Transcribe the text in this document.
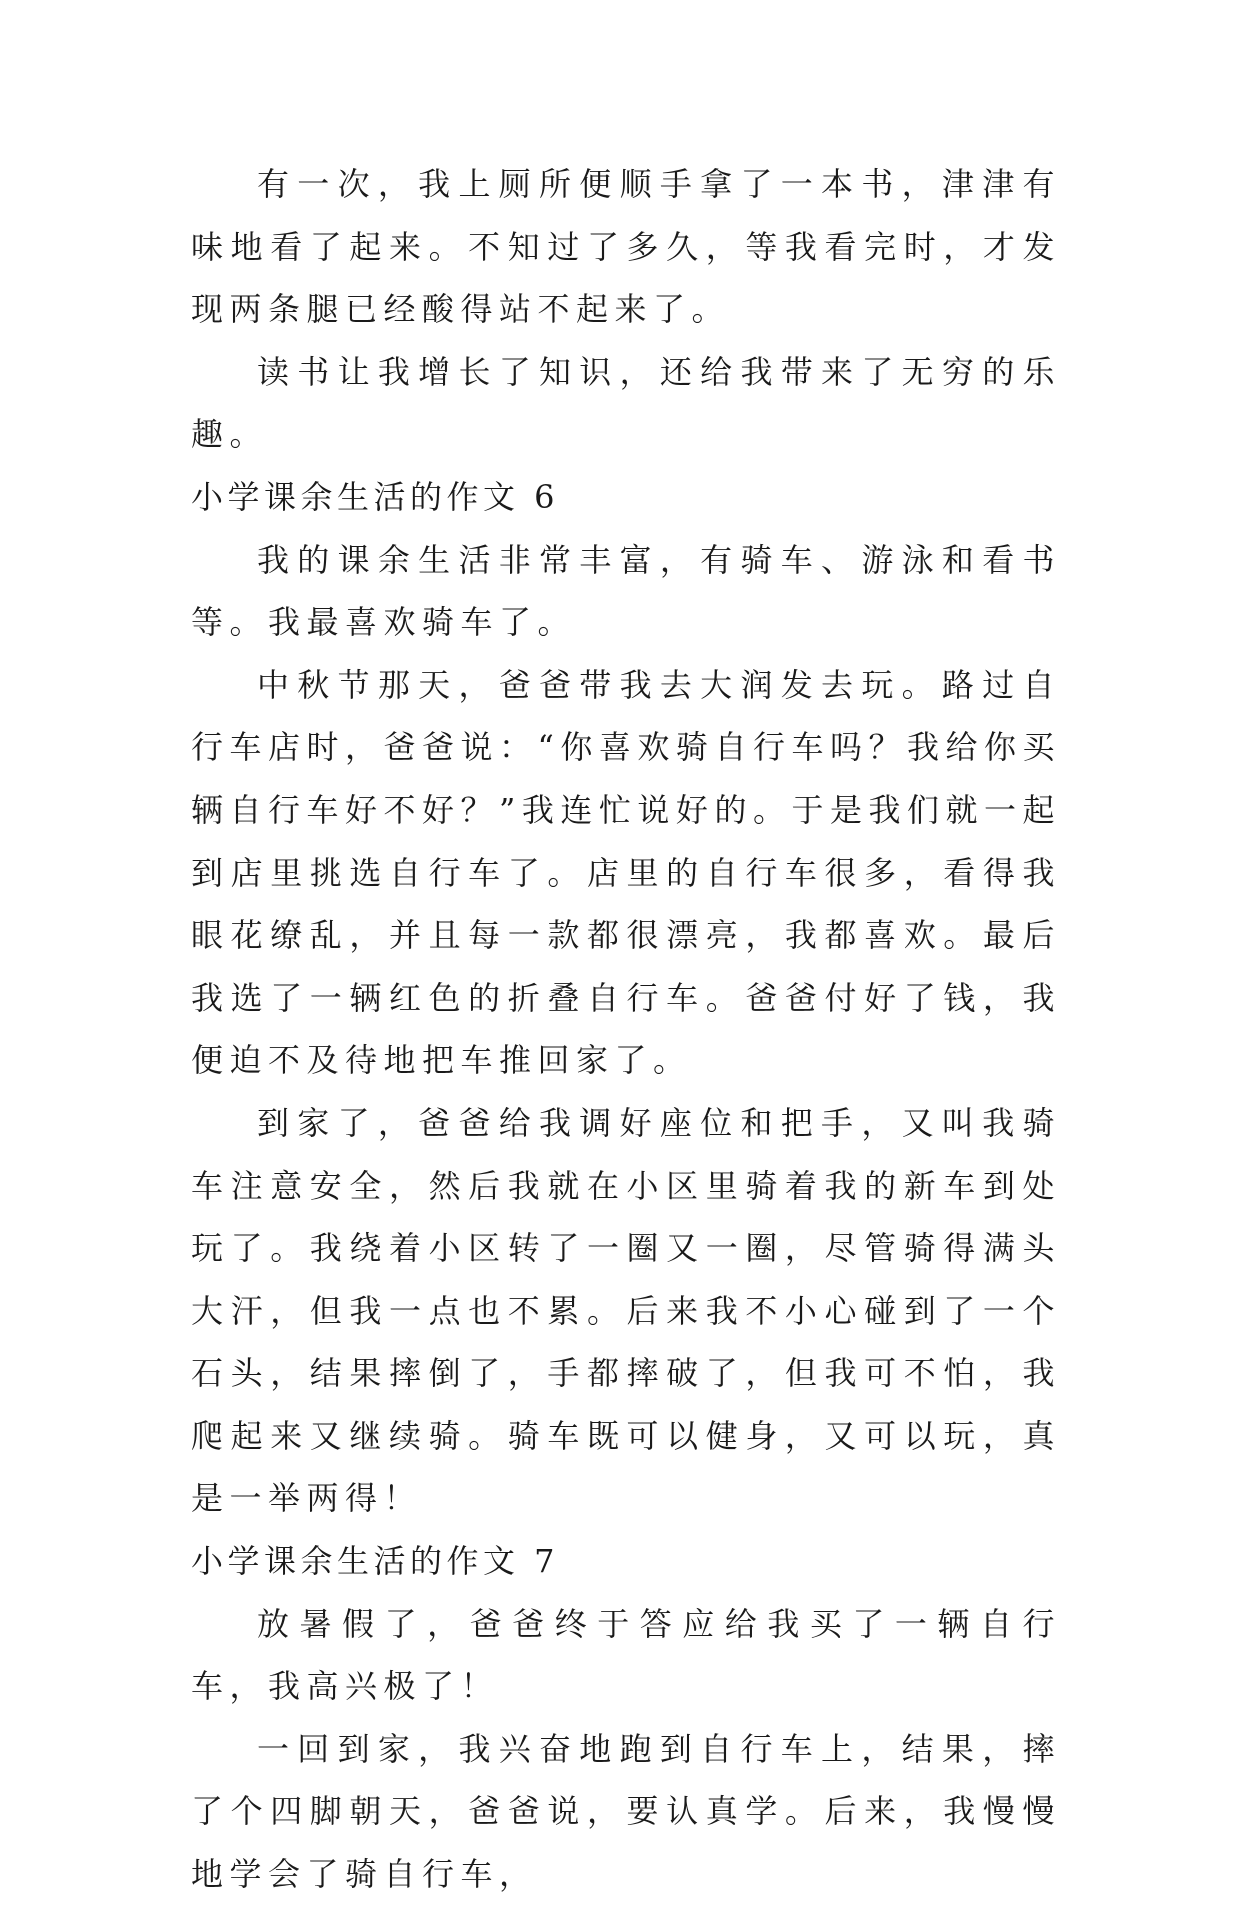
有一次，我上厕所便顺手拿了一本书，津津有味地看了起来。不知过了多久，等我看完时，才发现两条腿已经酸得站不起来了。

读书让我增长了知识，还给我带来了无穷的乐趣。

小学课余生活的作文 6

我的课余生活非常丰富，有骑车、游泳和看书等。我最喜欢骑车了。

中秋节那天，爸爸带我去大润发去玩。路过自行车店时，爸爸说：“你喜欢骑自行车吗？我给你买辆自行车好不好？”我连忙说好的。于是我们就一起到店里挑选自行车了。店里的自行车很多，看得我眼花缭乱，并且每一款都很漂亮，我都喜欢。最后我选了一辆红色的折叠自行车。爸爸付好了钱，我便迫不及待地把车推回家了。

到家了，爸爸给我调好座位和把手，又叫我骑车注意安全，然后我就在小区里骑着我的新车到处玩了。我绕着小区转了一圈又一圈，尽管骑得满头大汗，但我一点也不累。后来我不小心碰到了一个石头，结果摔倒了，手都摔破了，但我可不怕，我爬起来又继续骑。骑车既可以健身，又可以玩，真是一举两得！

小学课余生活的作文 7

放暑假了，爸爸终于答应给我买了一辆自行车，我高兴极了！

一回到家，我兴奋地跑到自行车上，结果，摔了个四脚朝天，爸爸说，要认真学。后来，我慢慢地学会了骑自行车，
